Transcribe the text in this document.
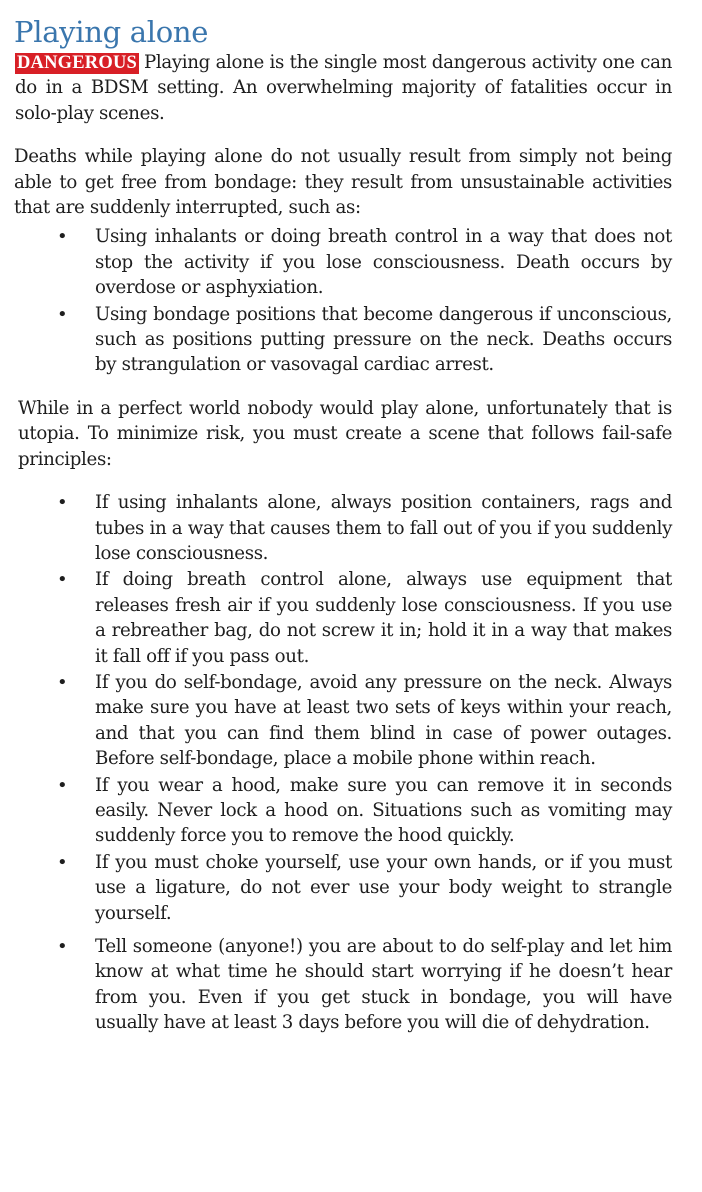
Playing alone

DANGEROUS Playing alone is the single most dangerous activity one can do in a BDSM setting. An overwhelming majority of fatalities occur in solo-play scenes.

Deaths while playing alone do not usually result from simply not being able to get free from bondage: they result from unsustainable activities that are suddenly interrupted, such as:

• Using inhalants or doing breath control in a way that does not stop the activity if you lose consciousness. Death occurs by overdose or asphyxiation.
• Using bondage positions that become dangerous if unconscious, such as positions putting pressure on the neck. Deaths occurs by strangulation or vasovagal cardiac arrest.

While in a perfect world nobody would play alone, unfortunately that is utopia. To minimize risk, you must create a scene that follows fail-safe principles:

• If using inhalants alone, always position containers, rags and tubes in a way that causes them to fall out of you if you suddenly lose consciousness.
• If doing breath control alone, always use equipment that releases fresh air if you suddenly lose consciousness. If you use a rebreather bag, do not screw it in; hold it in a way that makes it fall off if you pass out.
• If you do self-bondage, avoid any pressure on the neck. Always make sure you have at least two sets of keys within your reach, and that you can find them blind in case of power outages. Before self-bondage, place a mobile phone within reach.
• If you wear a hood, make sure you can remove it in seconds easily. Never lock a hood on. Situations such as vomiting may suddenly force you to remove the hood quickly.
• If you must choke yourself, use your own hands, or if you must use a ligature, do not ever use your body weight to strangle yourself.
• Tell someone (anyone!) you are about to do self-play and let him know at what time he should start worrying if he doesn’t hear from you. Even if you get stuck in bondage, you will have usually have at least 3 days before you will die of dehydration.
